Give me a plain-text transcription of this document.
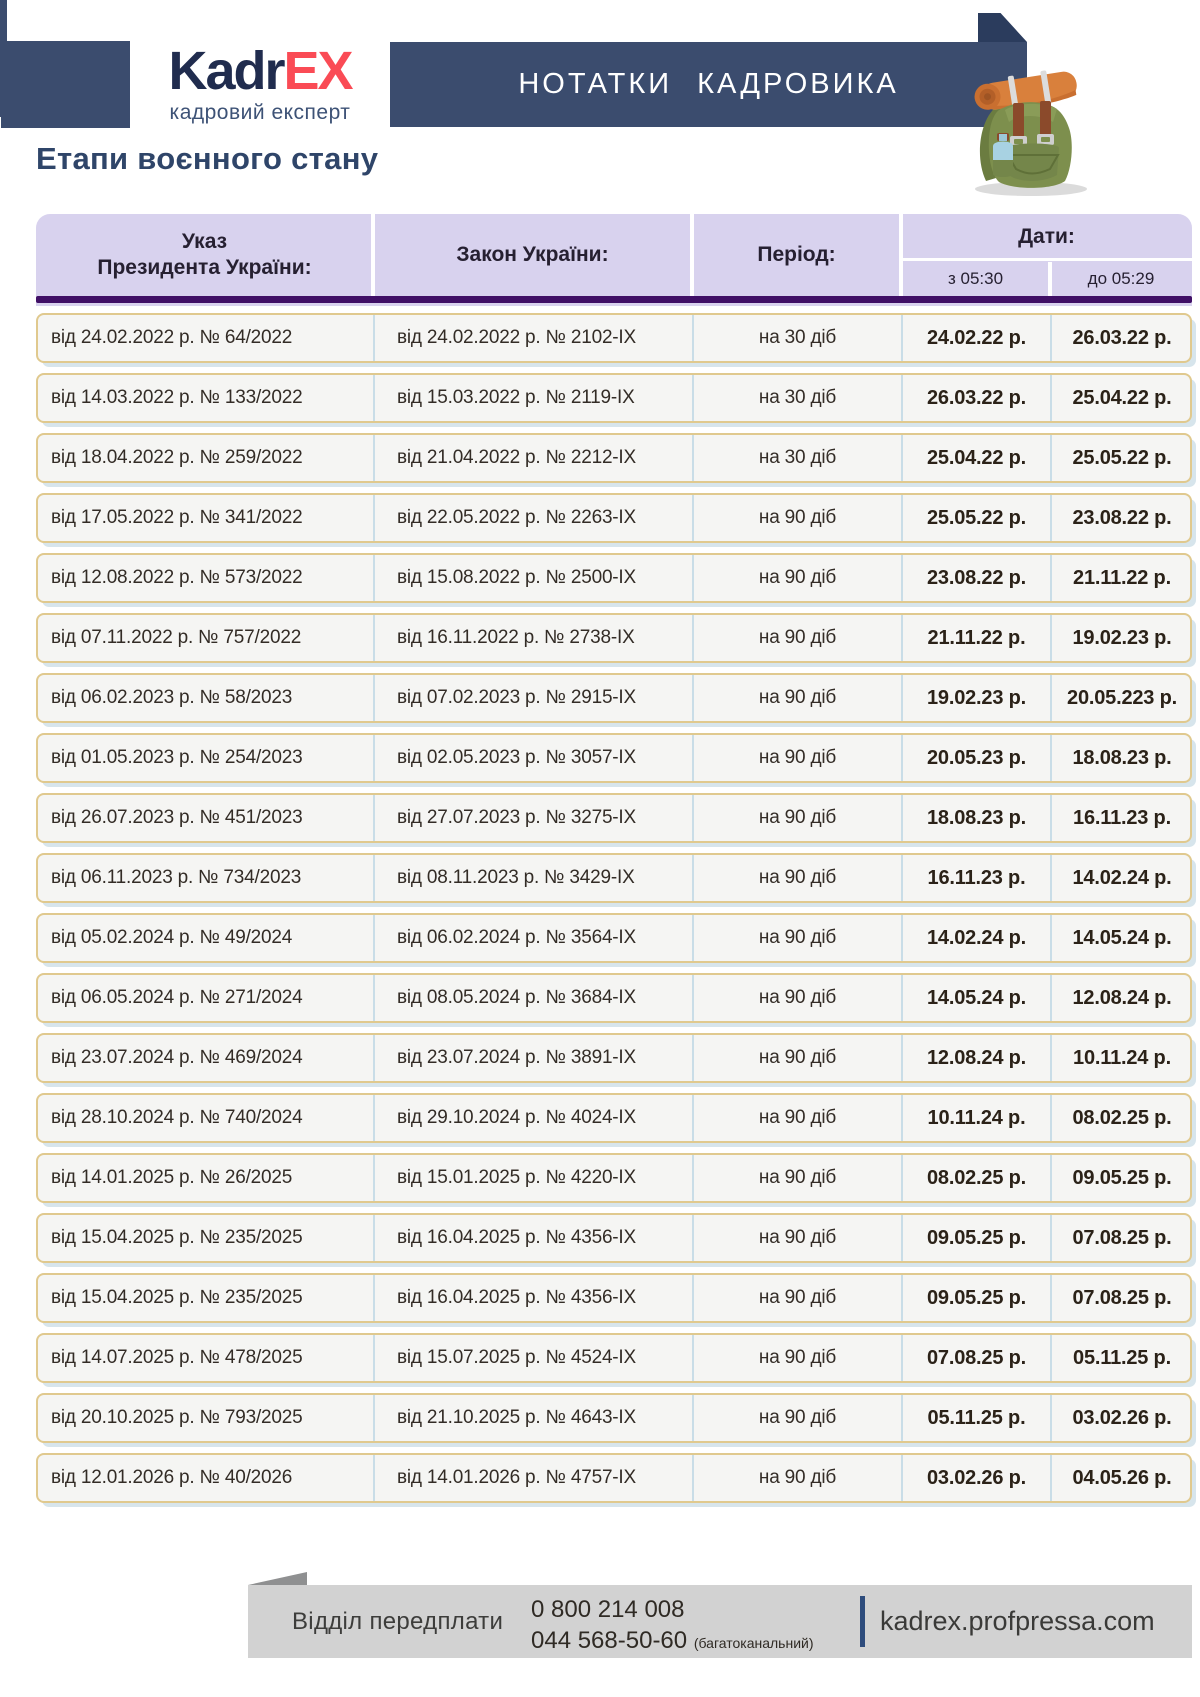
KadrEX
кадровий експерт
НОТАТКИ КАДРОВИКА
Етапи воєнного стану
Указ
Президента України:
Закон України:	Період:
Дати:
з 05:30	до 05:29
від 24.02.2022 р. № 64/2022	від 24.02.2022 р. № 2102-IX	на 30 діб	24.02.22 р.	26.03.22 р.
від 14.03.2022 р. № 133/2022	від 15.03.2022 р. № 2119-IX	на 30 діб	26.03.22 р.	25.04.22 р.
від 18.04.2022 р. № 259/2022	від 21.04.2022 р. № 2212-IX	на 30 діб	25.04.22 р.	25.05.22 р.
від 17.05.2022 р. № 341/2022	від 22.05.2022 р. № 2263-IX	на 90 діб	25.05.22 р.	23.08.22 р.
від 12.08.2022 р. № 573/2022	від 15.08.2022 р. № 2500-IX	на 90 діб	23.08.22 р.	21.11.22 р.
від 07.11.2022 р. № 757/2022	від 16.11.2022 р. № 2738-IX	на 90 діб	21.11.22 р.	19.02.23 р.
від 06.02.2023 р. № 58/2023	від 07.02.2023 р. № 2915-IX	на 90 діб	19.02.23 р.	20.05.223 р.
від 01.05.2023 р. № 254/2023	від 02.05.2023 р. № 3057-IX	на 90 діб	20.05.23 р.	18.08.23 р.
від 26.07.2023 р. № 451/2023	від 27.07.2023 р. № 3275-IX	на 90 діб	18.08.23 р.	16.11.23 р.
від 06.11.2023 р. № 734/2023	від 08.11.2023 р. № 3429-IX	на 90 діб	16.11.23 р.	14.02.24 р.
від 05.02.2024 р. № 49/2024	від 06.02.2024 р. № 3564-IX	на 90 діб	14.02.24 р.	14.05.24 р.
від 06.05.2024 р. № 271/2024	від 08.05.2024 р. № 3684-IX	на 90 діб	14.05.24 р.	12.08.24 р.
від 23.07.2024 р. № 469/2024	від 23.07.2024 р. № 3891-IX	на 90 діб	12.08.24 р.	10.11.24 р.
від 28.10.2024 р. № 740/2024	від 29.10.2024 р. № 4024-IX	на 90 діб	10.11.24 р.	08.02.25 р.
від 14.01.2025 р. № 26/2025	від 15.01.2025 р. № 4220-IX	на 90 діб	08.02.25 р.	09.05.25 р.
від 15.04.2025 р. № 235/2025	від 16.04.2025 р. № 4356-IX	на 90 діб	09.05.25 р.	07.08.25 р.
від 15.04.2025 р. № 235/2025	від 16.04.2025 р. № 4356-IX	на 90 діб	09.05.25 р.	07.08.25 р.
від 14.07.2025 р. № 478/2025	від 15.07.2025 р. № 4524-IX	на 90 діб	07.08.25 р.	05.11.25 р.
від 20.10.2025 р. № 793/2025	від 21.10.2025 р. № 4643-IX	на 90 діб	05.11.25 р.	03.02.26 р.
від 12.01.2026 р. № 40/2026	від 14.01.2026 р. № 4757-IX	на 90 діб	03.02.26 р.	04.05.26 р.
Відділ передплати 0 800 214 008
044 568-50-60 (багатоканальний)
kadrex.profpressa.com
